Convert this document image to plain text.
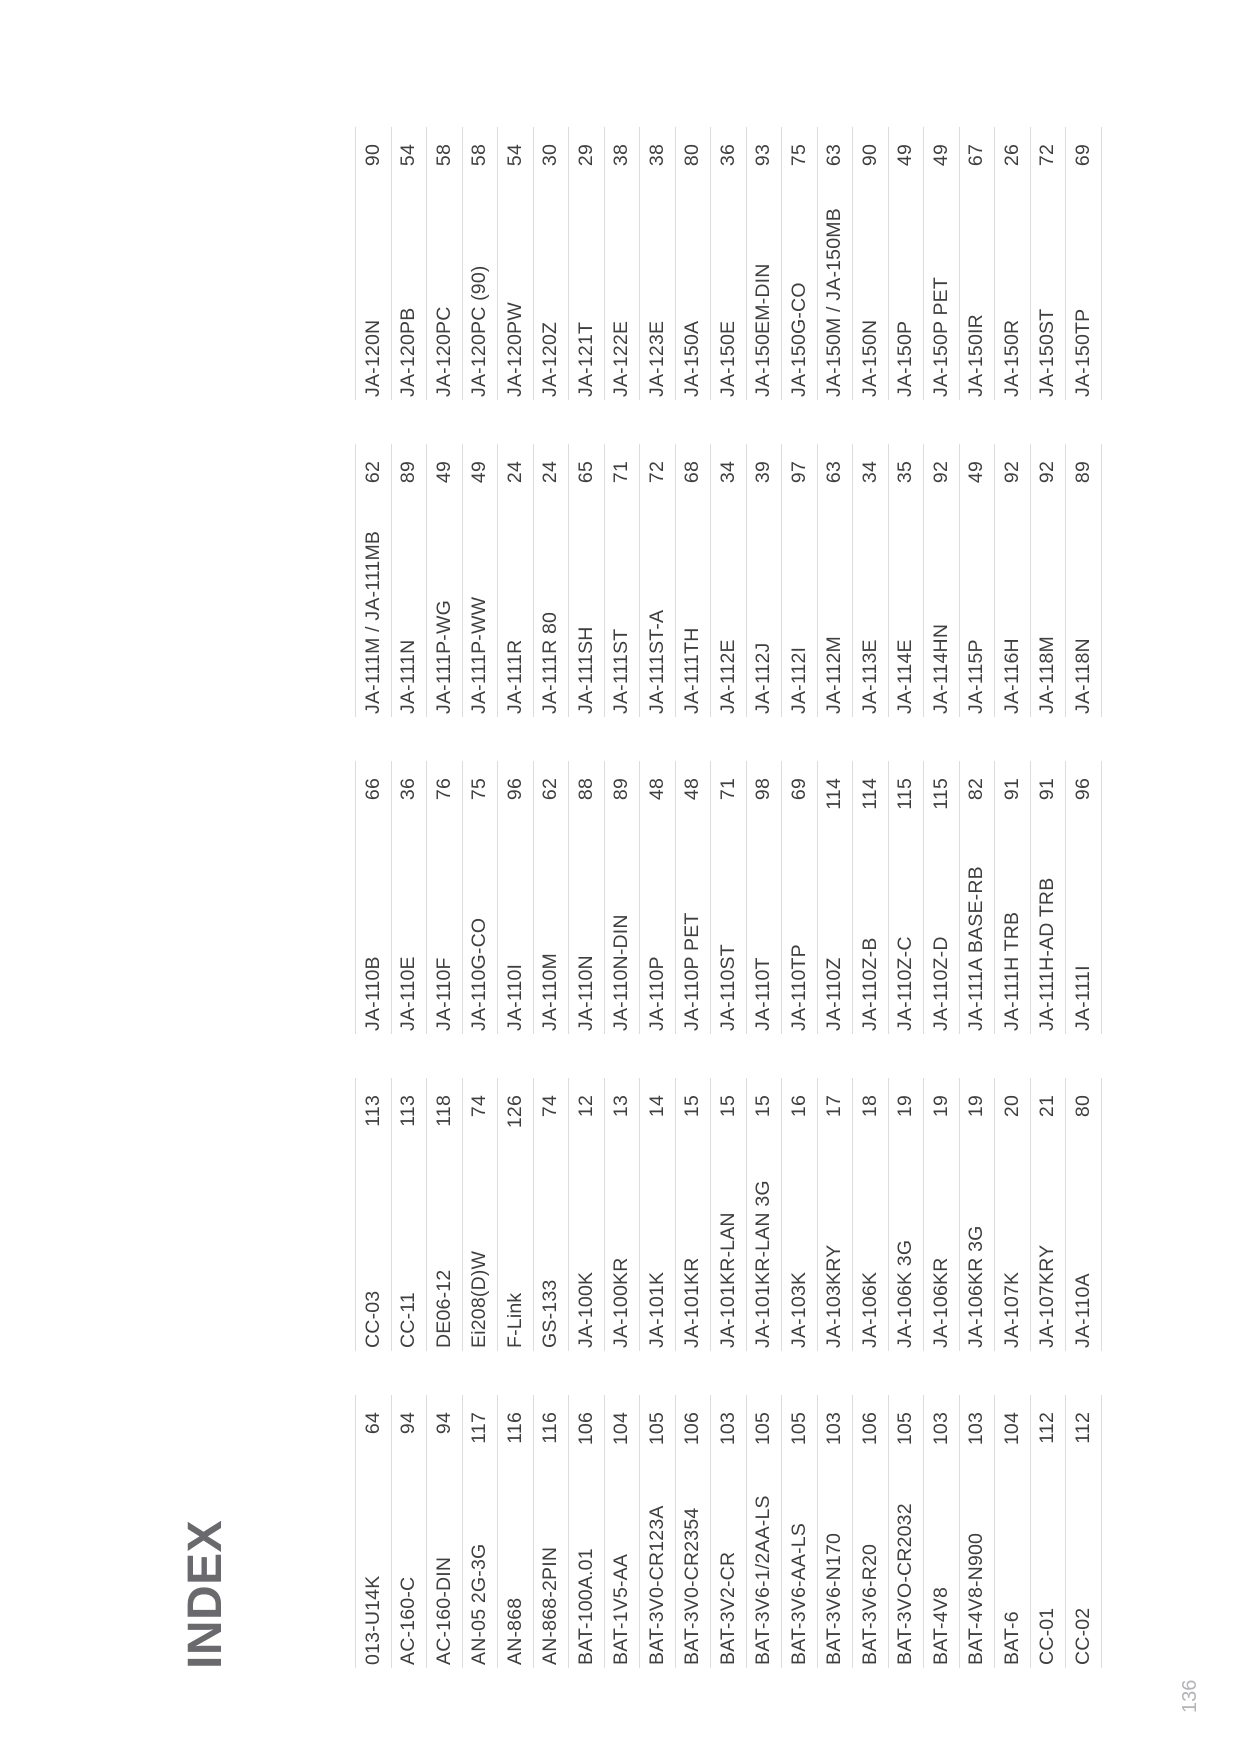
136
INDEX	013-U14K
64
AC-160-C
94
AC-160-DIN
94
AN-05 2G-3G
117
AN-868
116
AN-868-2PIN
116
BAT-100A.01
106
BAT-1V5-AA
104
BAT-3V0-CR123A
105
BAT-3V0-CR2354
106
BAT-3V2-CR
103
BAT-3V6-1/2AA-LS
105
BAT-3V6-AA-LS
105
BAT-3V6-N170
103
BAT-3V6-R20
106
BAT-3VO-CR2032
105
BAT-4V8
103
BAT-4V8-N900
103
BAT-6
104
CC-01
112
CC-02
112
CC-03
113
CC-11
113
DE06-12
118
Ei208(D)W
74
F-Link
126
GS-133
74
JA-100K
12
JA-100KR
13
JA-101K
14
JA-101KR
15
JA-101KR-LAN
15
JA-101KR-LAN 3G
15
JA-103K
16
JA-103KRY
17
JA-106K
18
JA-106K 3G
19
JA-106KR
19
JA-106KR 3G
19
JA-107K
20
JA-107KRY
21
JA-110A
80
JA-110B
66
JA-110E
36
JA-110F
76
JA-110G-CO
75
JA-110I
96
JA-110M
62
JA-110N
88
JA-110N-DIN
89
JA-110P
48
JA-110P PET
48
JA-110ST
71
JA-110T
98
JA-110TP
69
JA-110Z
114
JA-110Z-B
114
JA-110Z-C
115
JA-110Z-D
115
JA-111A BASE-RB
82
JA-111H TRB
91
JA-111H-AD TRB
91
JA-111I
96
JA-111M / JA-111MB
62
JA-111N
89
JA-111P-WG
49
JA-111P-WW
49
JA-111R
24
JA-111R 80
24
JA-111SH
65
JA-111ST
71
JA-111ST-A
72
JA-111TH
68
JA-112E
34
JA-112J
39
JA-112I
97
JA-112M
63
JA-113E
34
JA-114E
35
JA-114HN
92
JA-115P
49
JA-116H
92
JA-118M
92
JA-118N
89
JA-120N
90
JA-120PB
54
JA-120PC
58
JA-120PC (90)
58
JA-120PW
54
JA-120Z
30
JA-121T
29
JA-122E
38
JA-123E
38
JA-150A
80
JA-150E
36
JA-150EM-DIN
93
JA-150G-CO
75
JA-150M / JA-150MB
63
JA-150N
90
JA-150P
49
JA-150P PET
49
JA-150IR
67
JA-150R
26
JA-150ST
72
JA-150TP
69
